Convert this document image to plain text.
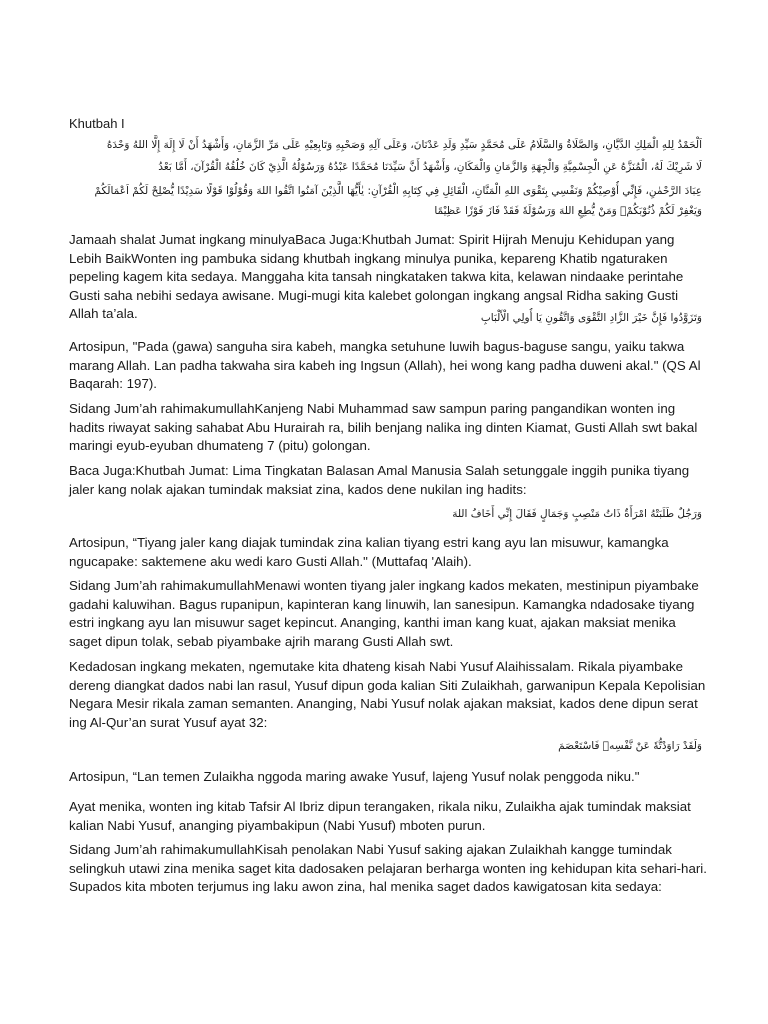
Khutbah I
اَلْحَمْدُ لِلهِ الْمَلِكِ الدَّيَّانِ، وَالصَّلَاةُ وَالسَّلَامُ عَلَى مُحَمَّدٍ سَيِّدِ وَلَدِ عَدْنَانَ، وَعَلَى آلِهِ وَصَحْبِهِ وَتَابِعِيْهِ عَلَى مَرِّ الزَّمَانِ، وَأَشْهَدُ أَنْ لَا إِلَهَ إِلَّا اللهُ وَحْدَهُ
لَا شَرِيْكَ لَهُ، الْمُنَزَّهُ عَنِ الْجِسْمِيَّةِ وَالْجِهَةِ وَالزَّمَانِ وَالْمَكَانِ، وَأَشْهَدُ أَنَّ سَيِّدَنَا مُحَمَّدًا عَبْدُهُ وَرَسُوْلُهُ الَّذِيْ كَانَ خُلُقُهُ الْقُرْآنَ، أَمَّا بَعْدُ
عِبَادَ الرَّحْمٰنِ، فَإِنِّي أُوْصِيْكُمْ وَنَفْسِي بِتَقْوَى اللهِ الْمَنَّانِ، الْقَائِلِ فِي كِتَابِهِ الْقُرْآنِ: يٰأَيُّهَا الَّذِيْنَ آمَنُوا اتَّقُوا اللهَ وَقُوْلُوْا قَوْلًا سَدِيْدًا يُّصْلِحْ لَكُمْ اَعْمَالَكُمْ
وَيَغْفِرْ لَكُمْ ذُنُوْبَكُمْۗ وَمَنْ يُّطِعِ اللهَ وَرَسُوْلَهٗ فَقَدْ فَازَ فَوْزًا عَظِيْمًا

Jamaah shalat Jumat ingkang minulyaBaca Juga:Khutbah Jumat: Spirit Hijrah Menuju Kehidupan yang Lebih BaikWonten ing pambuka sidang khutbah ingkang minulya punika, kepareng Khatib ngaturaken pepeling kagem kita sedaya. Manggaha kita tansah ningkataken takwa kita, kelawan nindaake perintahe Gusti saha nebihi sedaya awisane. Mugi-mugi kita kalebet golongan ingkang angsal Ridha saking Gusti Allah ta’ala.	وَتَزَوَّدُوا فَإِنَّ خَيْرَ الزَّادِ التَّقْوَى وَاتَّقُونِ يَا أُولِي الْأَلْبَابِ

Artosipun, "Pada (gawa) sanguha sira kabeh, mangka setuhune luwih bagus-baguse sangu, yaiku takwa marang Allah. Lan padha takwaha sira kabeh ing Ingsun (Allah), hei wong kang padha duweni akal." (QS Al Baqarah: 197).

Sidang Jum’ah rahimakumullahKanjeng Nabi Muhammad saw sampun paring pangandikan wonten ing hadits riwayat saking sahabat Abu Hurairah ra, bilih benjang nalika ing dinten Kiamat, Gusti Allah swt bakal maringi eyub-eyuban dhumateng 7 (pitu) golongan.

Baca Juga:Khutbah Jumat: Lima Tingkatan Balasan Amal Manusia Salah setunggale inggih punika tiyang jaler kang nolak ajakan tumindak maksiat zina, kados dene nukilan ing hadits:

وَرَجُلٌ طَلَبَتْهُ امْرَأَةٌ ذَاتُ مَنْصِبٍ وَجَمَالٍ فَقَالَ إِنِّي أَخَافُ اللهَ

Artosipun, “Tiyang jaler kang diajak tumindak zina kalian tiyang estri kang ayu lan misuwur, kamangka ngucapake: saktemene aku wedi karo Gusti Allah." (Muttafaq 'Alaih).

Sidang Jum’ah rahimakumullahMenawi wonten tiyang jaler ingkang kados mekaten, mestinipun piyambake gadahi kaluwihan. Bagus rupanipun, kapinteran kang linuwih, lan sanesipun. Kamangka ndadosake tiyang estri ingkang ayu lan misuwur saget kepincut. Ananging, kanthi iman kang kuat, ajakan maksiat menika saget dipun tolak, sebab piyambake ajrih marang Gusti Allah swt.

Kedadosan ingkang mekaten, ngemutake kita dhateng kisah Nabi Yusuf Alaihissalam. Rikala piyambake dereng diangkat dados nabi lan rasul, Yusuf dipun goda kalian Siti Zulaikhah, garwanipun Kepala Kepolisian Negara Mesir rikala zaman semanten. Ananging, Nabi Yusuf nolak ajakan maksiat, kados dene dipun serat ing Al-Qur’an surat Yusuf ayat 32:

وَلَقَدْ رَاوَدْتُّهٗ عَنْ نَّفْسِهٖ فَاسْتَعْصَمَ

Artosipun, “Lan temen Zulaikha nggoda maring awake Yusuf, lajeng Yusuf nolak penggoda niku."

Ayat menika, wonten ing kitab Tafsir Al Ibriz dipun terangaken, rikala niku, Zulaikha ajak tumindak maksiat kalian Nabi Yusuf, ananging piyambakipun (Nabi Yusuf) mboten purun.

Sidang Jum’ah rahimakumullahKisah penolakan Nabi Yusuf saking ajakan Zulaikhah kangge tumindak selingkuh utawi zina menika saget kita dadosaken pelajaran berharga wonten ing kehidupan kita sehari-hari. Supados kita mboten terjumus ing laku awon zina, hal menika saget dados kawigatosan kita sedaya:
